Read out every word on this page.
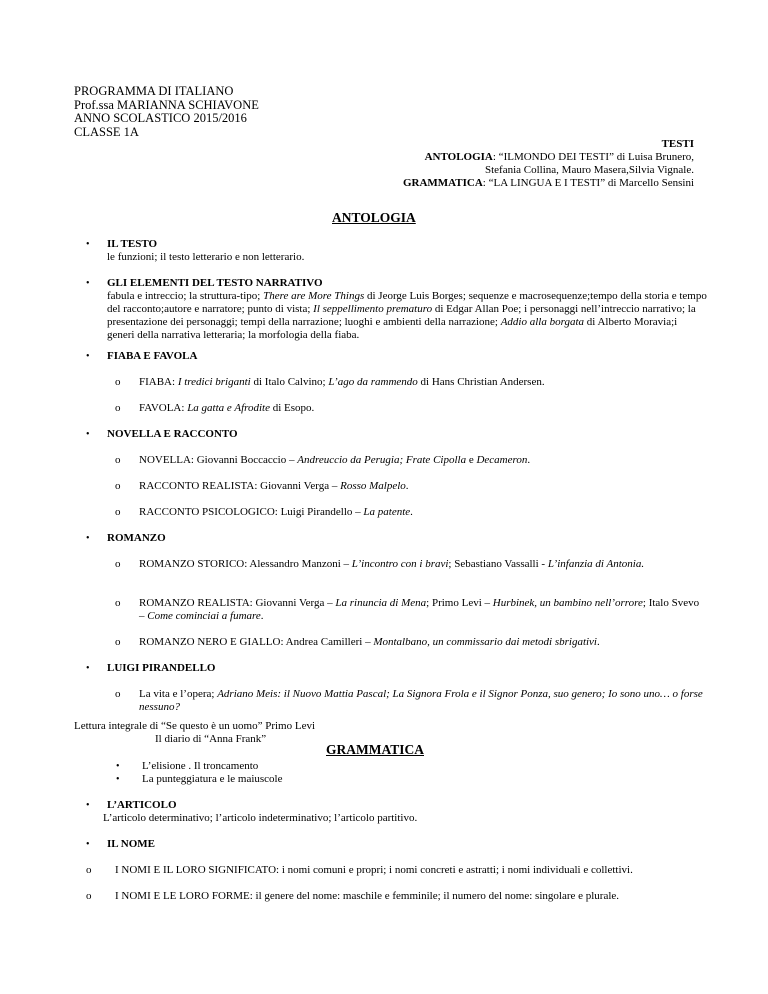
PROGRAMMA DI ITALIANO
Prof.ssa MARIANNA SCHIAVONE
ANNO SCOLASTICO 2015/2016
CLASSE 1A
TESTI
ANTOLOGIA: “ILMONDO DEI TESTI” di Luisa Brunero,
Stefania Collina, Mauro Masera,Silvia Vignale.
GRAMMATICA: “LA LINGUA E I TESTI” di Marcello Sensini
ANTOLOGIA
•
IL TESTO
le funzioni; il testo letterario e non letterario.
•
GLI ELEMENTI DEL TESTO NARRATIVO
fabula e intreccio; la struttura-tipo; There are More Things di Jeorge Luis Borges; sequenze e macrosequenze;tempo della storia e tempo del racconto;autore e narratore; punto di vista; Il seppellimento prematuro di Edgar Allan Poe; i personaggi nell’intreccio narrativo; la presentazione dei personaggi; tempi della narrazione; luoghi e ambienti della narrazione; Addio alla borgata di Alberto Moravia;i generi della narrativa letteraria; la morfologia della fiaba.
•
FIABA E FAVOLA
o FIABA: I tredici briganti di Italo Calvino; L’ago da rammendo di Hans Christian Andersen.
o FAVOLA: La gatta e Afrodite di Esopo.
•
NOVELLA E RACCONTO
o NOVELLA: Giovanni Boccaccio – Andreuccio da Perugia; Frate Cipolla e Decameron.
o RACCONTO REALISTA: Giovanni Verga – Rosso Malpelo.
o RACCONTO PSICOLOGICO: Luigi Pirandello – La patente.
•
ROMANZO
o ROMANZO STORICO: Alessandro Manzoni – L’incontro con i bravi; Sebastiano Vassalli - L’infanzia di Antonia.
o ROMANZO REALISTA: Giovanni Verga – La rinuncia di Mena; Primo Levi – Hurbinek, un bambino nell’orrore; Italo Svevo – Come cominciai a fumare.
o ROMANZO NERO E GIALLO: Andrea Camilleri – Montalbano, un commissario dai metodi sbrigativi.
•
LUIGI PIRANDELLO
o La vita e l’opera; Adriano Meis: il Nuovo Mattia Pascal; La Signora Frola e il Signor Ponza, suo genero; Io sono uno… o forse nessuno?
Lettura integrale di “Se questo è un uomo” Primo Levi
Il diario di “Anna Frank”
GRAMMATICA
•
L’elisione . Il troncamento
•
La punteggiatura e le maiuscole
•
L’ARTICOLO
L’articolo determinativo; l’articolo indeterminativo; l’articolo partitivo.
•
IL NOME
o I NOMI E IL LORO SIGNIFICATO: i nomi comuni e propri; i nomi concreti e astratti; i nomi individuali e collettivi.
o I NOMI E LE LORO FORME: il genere del nome: maschile e femminile; il numero del nome: singolare e plurale.
